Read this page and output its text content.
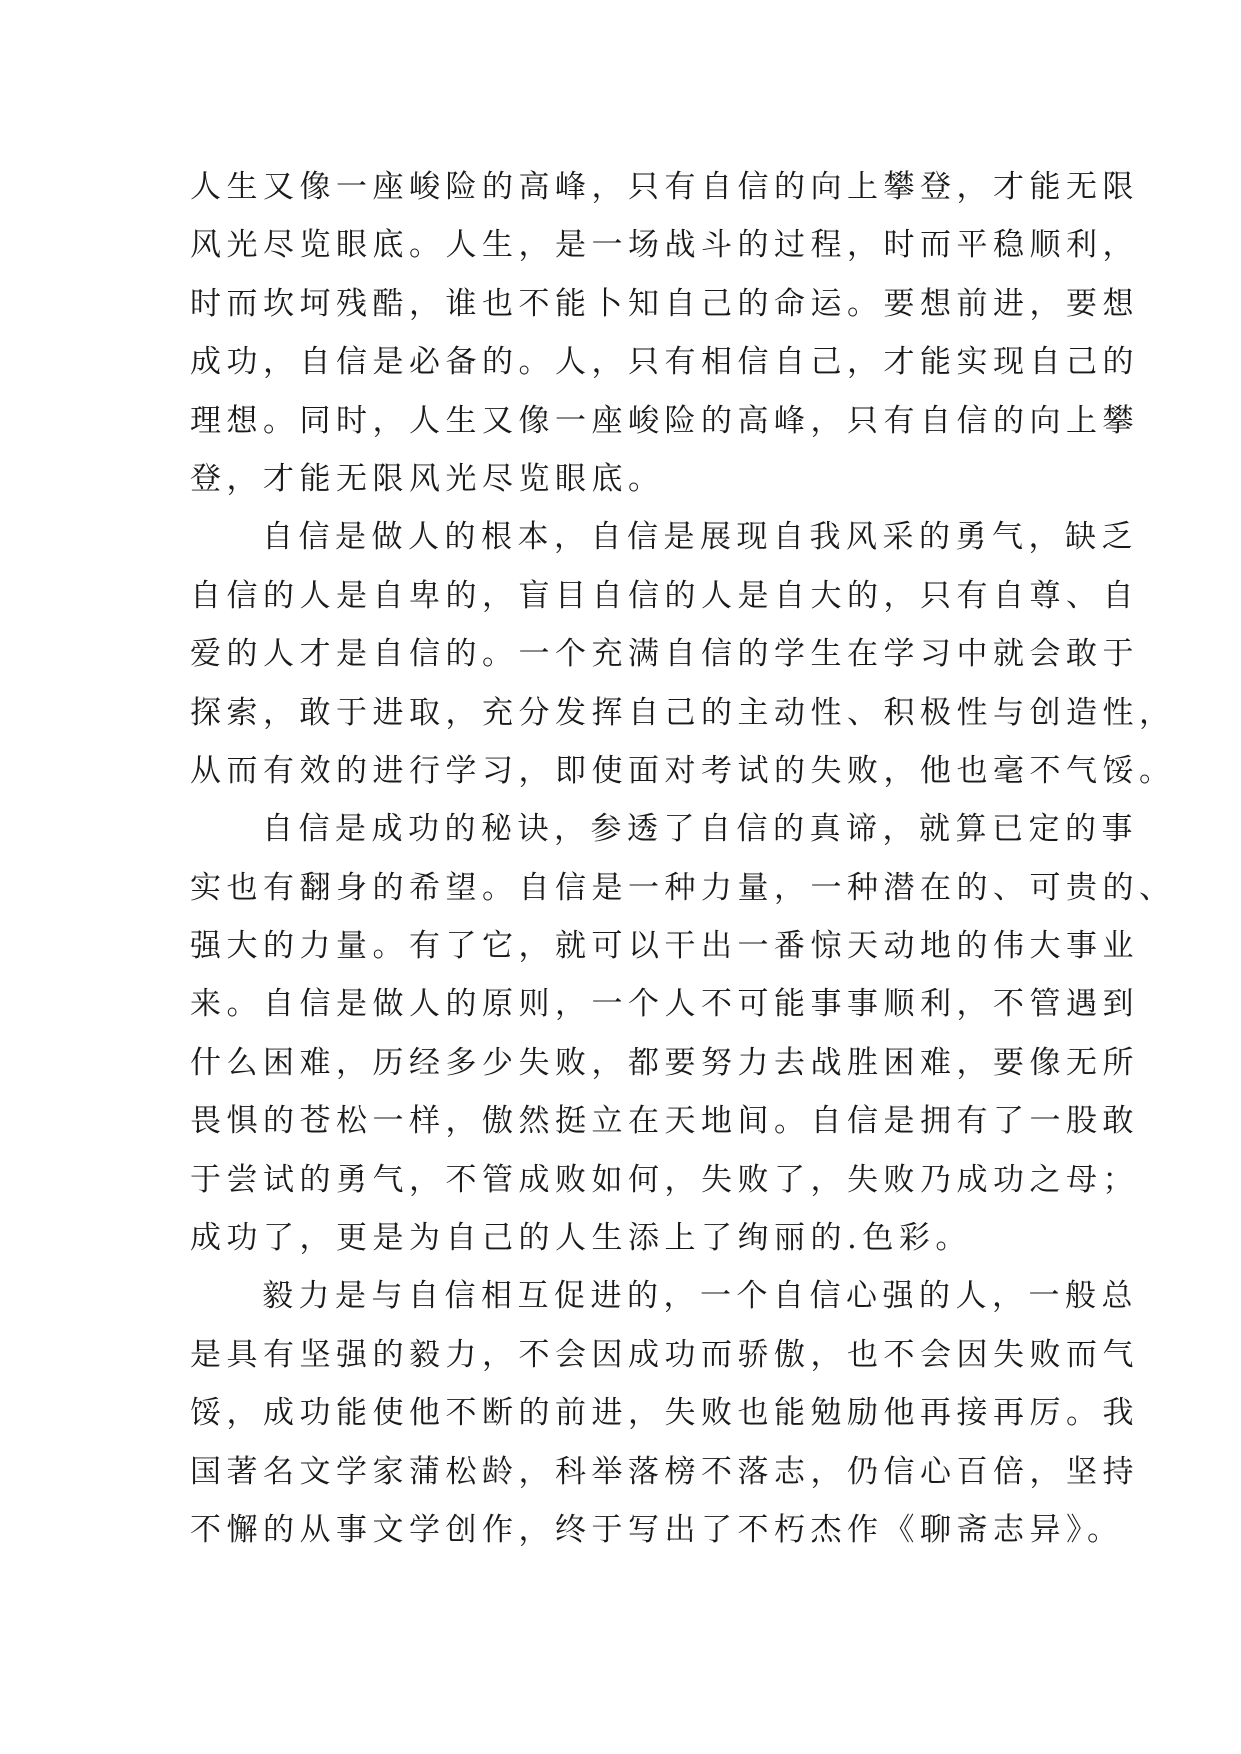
人生又像一座峻险的高峰，只有自信的向上攀登，才能无限
风光尽览眼底。人生，是一场战斗的过程，时而平稳顺利，
时而坎坷残酷，谁也不能卜知自己的命运。要想前进，要想
成功，自信是必备的。人，只有相信自己，才能实现自己的
理想。同时，人生又像一座峻险的高峰，只有自信的向上攀
登，才能无限风光尽览眼底。
自信是做人的根本，自信是展现自我风采的勇气，缺乏
自信的人是自卑的，盲目自信的人是自大的，只有自尊、自
爱的人才是自信的。一个充满自信的学生在学习中就会敢于
探索，敢于进取，充分发挥自己的主动性、积极性与创造性，
从而有效的进行学习，即使面对考试的失败，他也毫不气馁。
自信是成功的秘诀，参透了自信的真谛，就算已定的事
实也有翻身的希望。自信是一种力量，一种潜在的、可贵的、
强大的力量。有了它，就可以干出一番惊天动地的伟大事业
来。自信是做人的原则，一个人不可能事事顺利，不管遇到
什么困难，历经多少失败，都要努力去战胜困难，要像无所
畏惧的苍松一样，傲然挺立在天地间。自信是拥有了一股敢
于尝试的勇气，不管成败如何，失败了，失败乃成功之母；
成功了，更是为自己的人生添上了绚丽的.色彩。
毅力是与自信相互促进的，一个自信心强的人，一般总
是具有坚强的毅力，不会因成功而骄傲，也不会因失败而气
馁，成功能使他不断的前进，失败也能勉励他再接再厉。我
国著名文学家蒲松龄，科举落榜不落志，仍信心百倍，坚持
不懈的从事文学创作，终于写出了不朽杰作《聊斋志异》。
